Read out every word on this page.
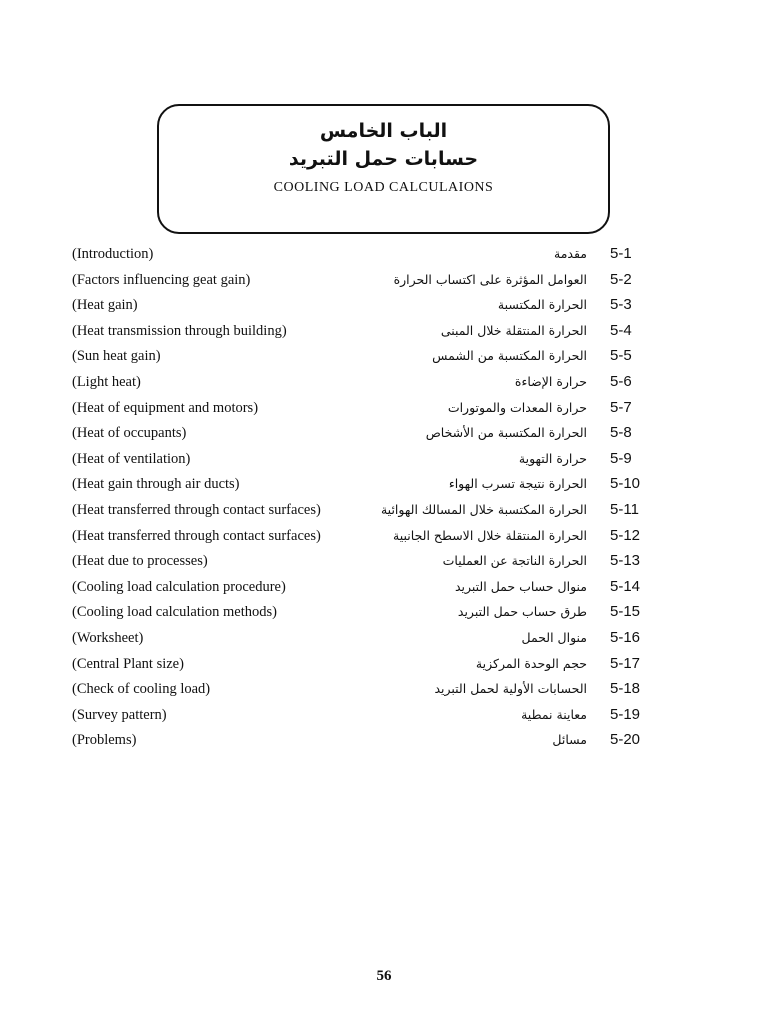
الباب الخامس
حسابات حمل التبريد
COOLING LOAD CALCULAIONS
(Introduction)	مقدمة 5-1
(Factors influencing geat gain)	العوامل المؤثرة على اكتساب الحرارة 5-2
(Heat gain)	الحرارة المكتسبة 5-3
(Heat transmission through building)	الحرارة المنتقلة خلال المبنى 5-4
(Sun heat gain)	الحرارة المكتسبة من الشمس 5-5
(Light heat)	حرارة الإضاءة 5-6
(Heat of equipment and motors)	حرارة المعدات والموتورات 5-7
(Heat of occupants)	الحرارة المكتسبة من الأشخاص 5-8
(Heat of ventilation)	حرارة التهوية 5-9
(Heat gain through air ducts)	الحرارة نتيجة تسرب الهواء 5-10
(Heat transferred through contact surfaces)	الحرارة المكتسبة خلال المسالك الهوائية 5-11
(Heat transferred through contact surfaces)	الحرارة المنتقلة خلال الاسطح الجانبية 5-12
(Heat due to processes)	الحرارة الناتجة عن العمليات 5-13
(Cooling load calculation procedure)	منوال حساب حمل التبريد 5-14
(Cooling load calculation methods)	طرق حساب حمل التبريد 5-15
(Worksheet)	منوال الحمل 5-16
(Central Plant size)	حجم الوحدة المركزية 5-17
(Check of cooling load)	الحسابات الأولية لحمل التبريد 5-18
(Survey pattern)	معاينة نمطية 5-19
(Problems)	مسائل 5-20
56
